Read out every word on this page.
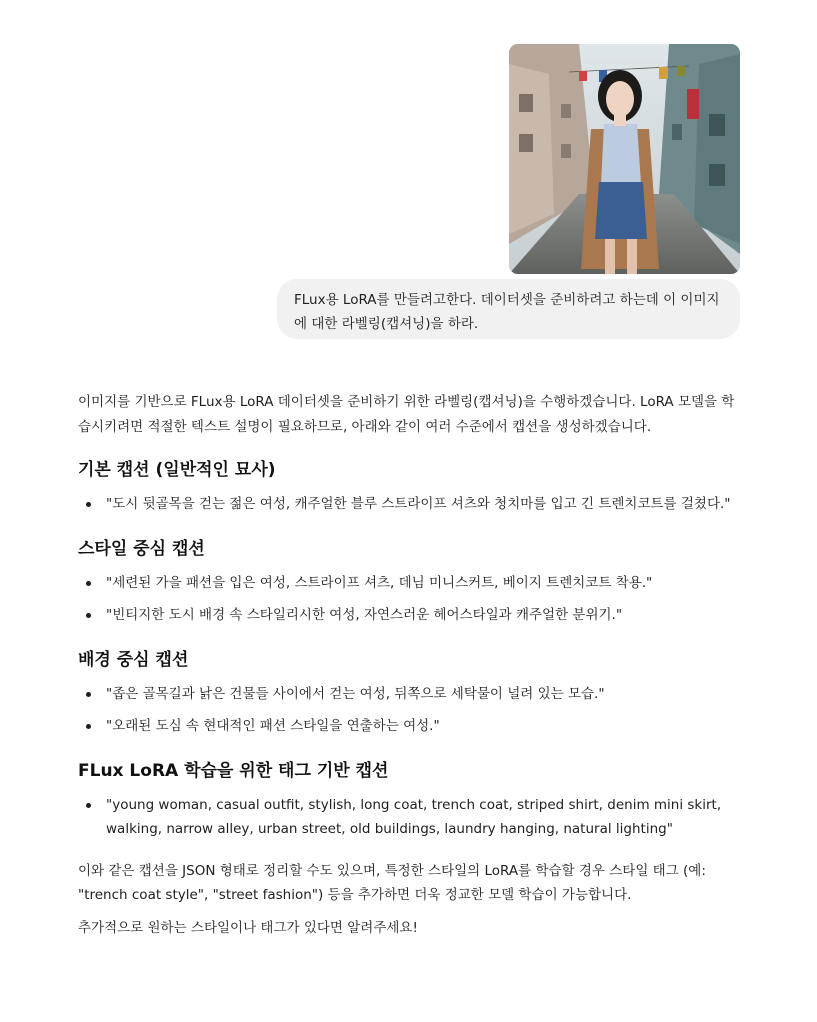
FLux용 LoRA를 만들려고한다. 데이터셋을 준비하려고 하는데 이 이미지에 대한 라벨링(캡셔닝)을 하라.

이미지를 기반으로 FLux용 LoRA 데이터셋을 준비하기 위한 라벨링(캡셔닝)을 수행하겠습니다. LoRA 모델을 학습시키려면 적절한 텍스트 설명이 필요하므로, 아래와 같이 여러 수준에서 캡션을 생성하겠습니다.

기본 캡션 (일반적인 묘사)
"도시 뒷골목을 걷는 젊은 여성, 캐주얼한 블루 스트라이프 셔츠와 청치마를 입고 긴 트렌치코트를 걸쳤다."
스타일 중심 캡션
"세련된 가을 패션을 입은 여성, 스트라이프 셔츠, 데님 미니스커트, 베이지 트렌치코트 착용."
"빈티지한 도시 배경 속 스타일리시한 여성, 자연스러운 헤어스타일과 캐주얼한 분위기."
배경 중심 캡션
"좁은 골목길과 낡은 건물들 사이에서 걷는 여성, 뒤쪽으로 세탁물이 널려 있는 모습."
"오래된 도심 속 현대적인 패션 스타일을 연출하는 여성."
FLux LoRA 학습을 위한 태그 기반 캡션
"young woman, casual outfit, stylish, long coat, trench coat, striped shirt, denim mini skirt, walking, narrow alley, urban street, old buildings, laundry hanging, natural lighting"

이와 같은 캡션을 JSON 형태로 정리할 수도 있으며, 특정한 스타일의 LoRA를 학습할 경우 스타일 태그 (예: "trench coat style", "street fashion") 등을 추가하면 더욱 정교한 모델 학습이 가능합니다.

추가적으로 원하는 스타일이나 태그가 있다면 알려주세요!
